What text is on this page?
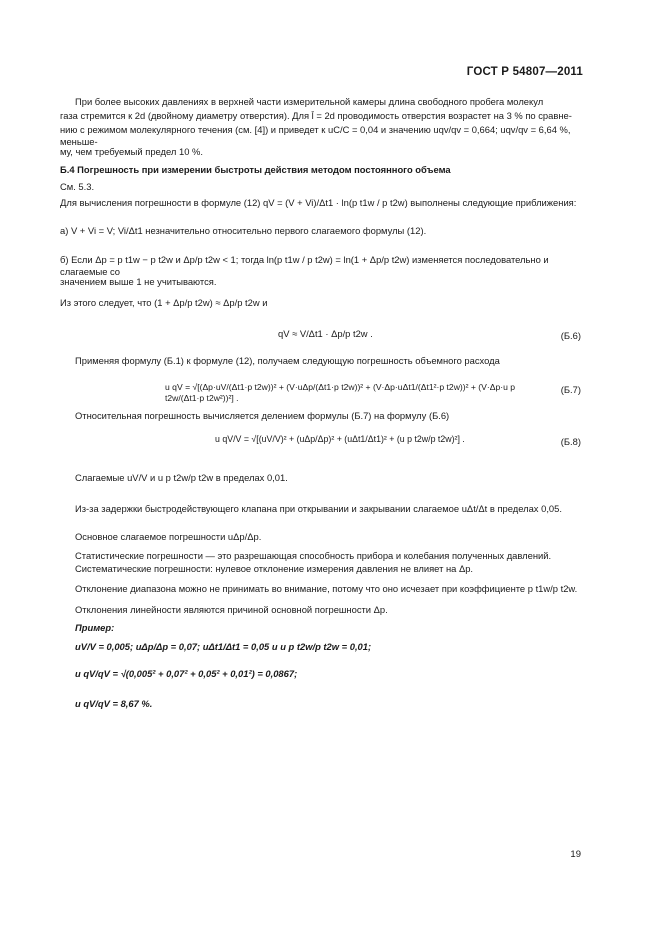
ГОСТ Р 54807—2011
При более высоких давлениях в верхней части измерительной камеры длина свободного пробега молекул
газа стремится к 2d (двойному диаметру отверстия). Для l̄ = 2d проводимость отверстия возрастет на 3 % по сравне-
нию с режимом молекулярного течения (см. [4]) и приведет к uC/C = 0,04 и значению uqv/qv = 0,664; uqv/qv = 6,64 %, меньше-
му, чем требуемый предел 10 %.
Б.4 Погрешность при измерении быстроты действия методом постоянного объема
См. 5.3.
Для вычисления погрешности в формуле (12) qV = (V + Vi)/Δt1 · ln(p t1w / p t2w) выполнены следующие приближения:
а) V + Vi = V; Vi/Δt1 незначительно относительно первого слагаемого формулы (12).
б) Если Δp = p t1w − p t2w и Δp/p t2w < 1; тогда ln(p t1w / p t2w) = ln(1 + Δp/p t2w) изменяется последовательно и слагаемые со
значением выше 1 не учитываются.
Из этого следует, что (1 + Δp/p t2w) ≈ Δp/p t2w и
qV ≈ V/Δt1 · Δp/p t2w .	(Б.6)
Применяя формулу (Б.1) к формуле (12), получаем следующую погрешность объемного расхода
u qV = √[(Δp·uV/(Δt1·p t2w))² + (V·uΔp/(Δt1·p t2w))² + (V·Δp·uΔt1/(Δt1²·p t2w))² + (V·Δp·u p t2w/(Δt1·p t2w²))²] .
(Б.7)
Относительная погрешность вычисляется делением формулы (Б.7) на формулу (Б.6)
u qV/V = √[(uV/V)² + (uΔp/Δp)² + (uΔt1/Δt1)² + (u p t2w/p t2w)²] .	(Б.8)
Слагаемые uV/V и u p t2w/p t2w в пределах 0,01.
Из-за задержки быстродействующего клапана при открывании и закрывании слагаемое uΔt/Δt в пределах 0,05.
Основное слагаемое погрешности uΔp/Δp.
Статистические погрешности — это разрешающая способность прибора и колебания полученных давлений.
Систематические погрешности: нулевое отклонение измерения давления не влияет на Δp.
Отклонение диапазона можно не принимать во внимание, потому что оно исчезает при коэффициенте p t1w/p t2w.
Отклонения линейности являются причиной основной погрешности Δp.
Пример:
uV/V = 0,005; uΔp/Δp = 0,07; uΔt1/Δt1 = 0,05 и u p t2w/p t2w = 0,01;
u qV/qV = √(0,005² + 0,07² + 0,05² + 0,01²) = 0,0867;
u qV/qV = 8,67 %.
19
